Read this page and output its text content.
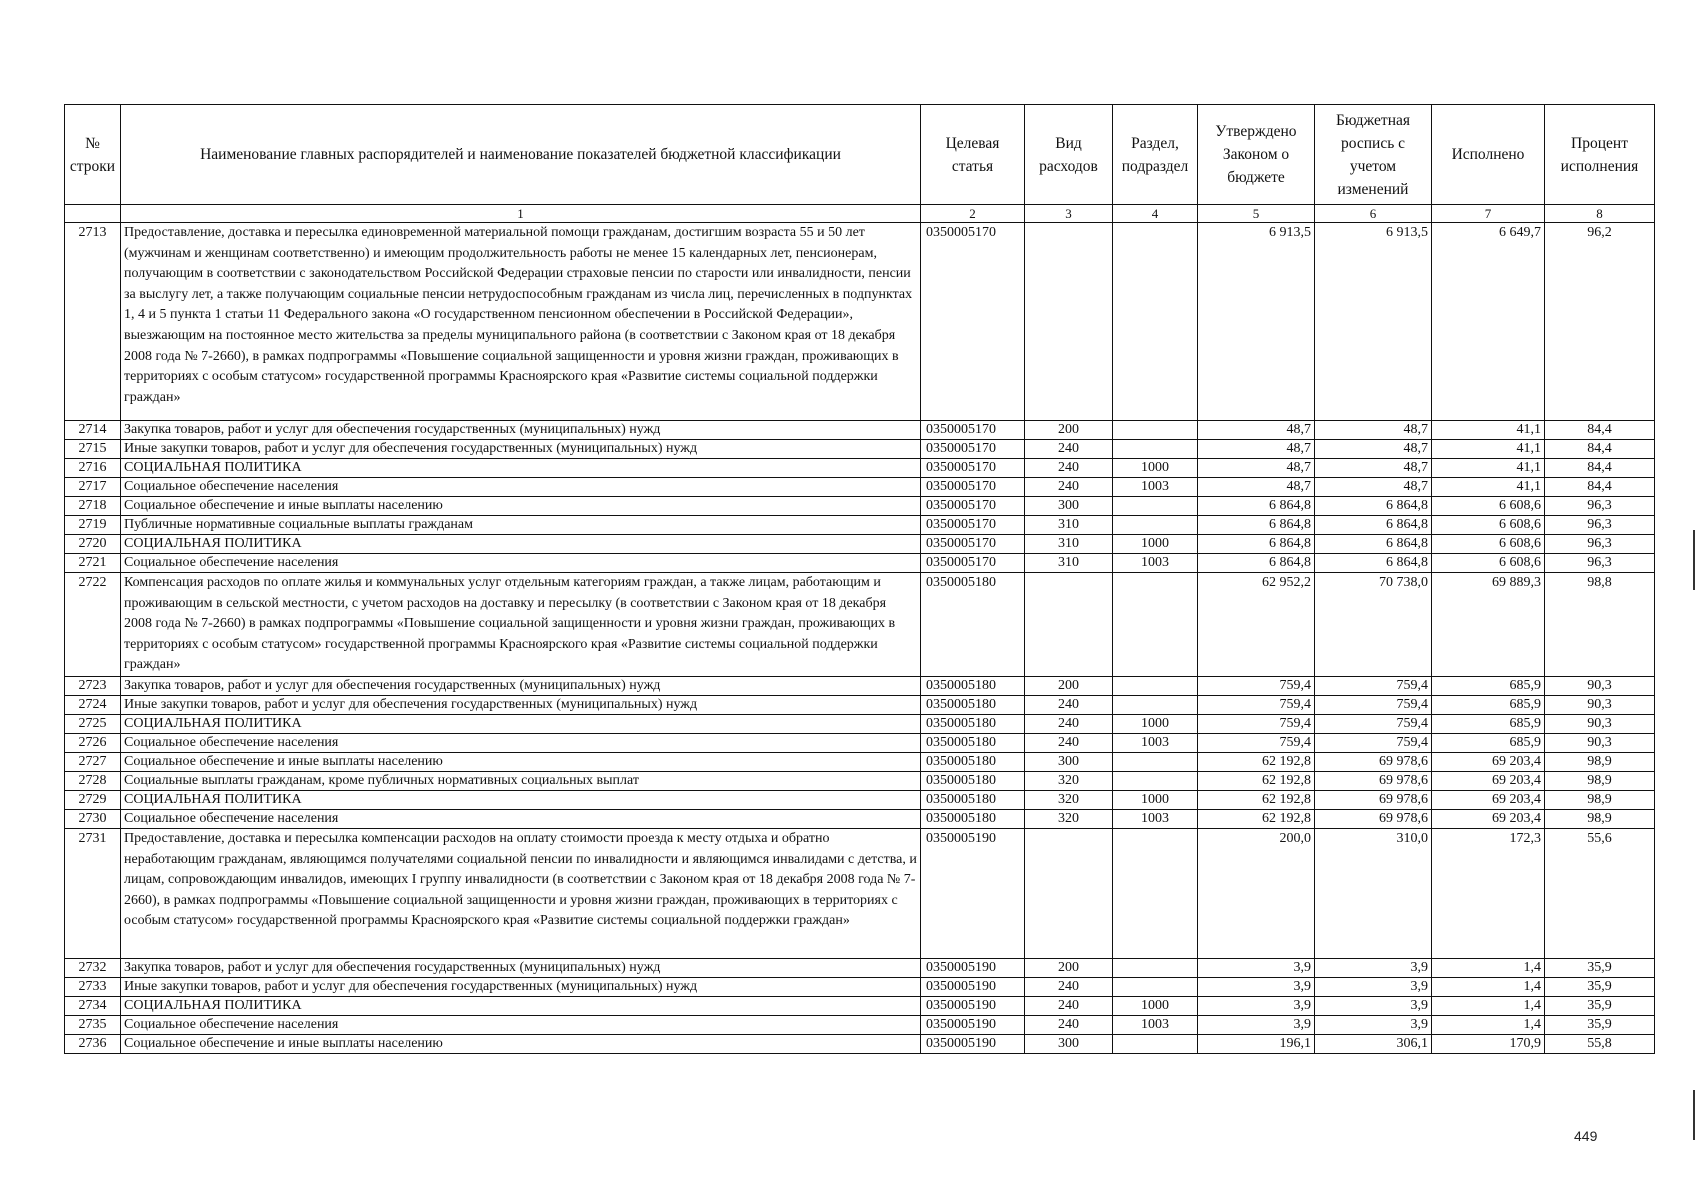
№ строки	Наименование главных распорядителей и наименование показателей бюджетной классификации	Целевая статья	Вид расходов	Раздел, подраздел	Утверждено Законом о бюджете	Бюджетная роспись с учетом изменений	Исполнено	Процент исполнения
	1	2	3	4	5	6	7	8
2713	Предоставление, доставка и пересылка единовременной материальной помощи гражданам, достигшим возраста 55 и 50 лет (мужчинам и женщинам соответственно) и имеющим продолжительность работы не менее 15 календарных лет, пенсионерам, получающим в соответствии с законодательством Российской Федерации страховые пенсии по старости или инвалидности, пенсии за выслугу лет, а также получающим социальные пенсии нетрудоспособным гражданам из числа лиц, перечисленных в подпунктах 1, 4 и 5 пункта 1 статьи 11 Федерального закона «О государственном пенсионном обеспечении в Российской Федерации», выезжающим на постоянное место жительства за пределы муниципального района (в соответствии с Законом края от 18 декабря 2008 года № 7-2660), в рамках подпрограммы «Повышение социальной защищенности и уровня жизни граждан, проживающих в территориях с особым статусом» государственной программы Красноярского края «Развитие системы социальной поддержки граждан»	0350005170			6 913,5	6 913,5	6 649,7	96,2
2714	Закупка товаров, работ и услуг для обеспечения государственных (муниципальных) нужд	0350005170	200		48,7	48,7	41,1	84,4
2715	Иные закупки товаров, работ и услуг для обеспечения государственных (муниципальных) нужд	0350005170	240		48,7	48,7	41,1	84,4
2716	СОЦИАЛЬНАЯ ПОЛИТИКА	0350005170	240	1000	48,7	48,7	41,1	84,4
2717	Социальное обеспечение населения	0350005170	240	1003	48,7	48,7	41,1	84,4
2718	Социальное обеспечение и иные выплаты населению	0350005170	300		6 864,8	6 864,8	6 608,6	96,3
2719	Публичные нормативные социальные выплаты гражданам	0350005170	310		6 864,8	6 864,8	6 608,6	96,3
2720	СОЦИАЛЬНАЯ ПОЛИТИКА	0350005170	310	1000	6 864,8	6 864,8	6 608,6	96,3
2721	Социальное обеспечение населения	0350005170	310	1003	6 864,8	6 864,8	6 608,6	96,3
2722	Компенсация расходов по оплате жилья и коммунальных услуг отдельным категориям граждан, а также лицам, работающим и проживающим в сельской местности, с учетом расходов на доставку и пересылку (в соответствии с Законом края от 18 декабря 2008 года № 7-2660) в рамках подпрограммы «Повышение социальной защищенности и уровня жизни граждан, проживающих в территориях с особым статусом» государственной программы Красноярского края «Развитие системы социальной поддержки граждан»	0350005180			62 952,2	70 738,0	69 889,3	98,8
2723	Закупка товаров, работ и услуг для обеспечения государственных (муниципальных) нужд	0350005180	200		759,4	759,4	685,9	90,3
2724	Иные закупки товаров, работ и услуг для обеспечения государственных (муниципальных) нужд	0350005180	240		759,4	759,4	685,9	90,3
2725	СОЦИАЛЬНАЯ ПОЛИТИКА	0350005180	240	1000	759,4	759,4	685,9	90,3
2726	Социальное обеспечение населения	0350005180	240	1003	759,4	759,4	685,9	90,3
2727	Социальное обеспечение и иные выплаты населению	0350005180	300		62 192,8	69 978,6	69 203,4	98,9
2728	Социальные выплаты гражданам, кроме публичных нормативных социальных выплат	0350005180	320		62 192,8	69 978,6	69 203,4	98,9
2729	СОЦИАЛЬНАЯ ПОЛИТИКА	0350005180	320	1000	62 192,8	69 978,6	69 203,4	98,9
2730	Социальное обеспечение населения	0350005180	320	1003	62 192,8	69 978,6	69 203,4	98,9
2731	Предоставление, доставка и пересылка компенсации расходов на оплату стоимости проезда к месту отдыха и обратно неработающим гражданам, являющимся получателями социальной пенсии по инвалидности и являющимся инвалидами с детства, и лицам, сопровождающим инвалидов, имеющих I группу инвалидности (в соответствии с Законом края от 18 декабря 2008 года № 7-2660), в рамках подпрограммы «Повышение социальной защищенности и уровня жизни граждан, проживающих в территориях с особым статусом» государственной программы Красноярского края «Развитие системы социальной поддержки граждан»	0350005190			200,0	310,0	172,3	55,6
2732	Закупка товаров, работ и услуг для обеспечения государственных (муниципальных) нужд	0350005190	200		3,9	3,9	1,4	35,9
2733	Иные закупки товаров, работ и услуг для обеспечения государственных (муниципальных) нужд	0350005190	240		3,9	3,9	1,4	35,9
2734	СОЦИАЛЬНАЯ ПОЛИТИКА	0350005190	240	1000	3,9	3,9	1,4	35,9
2735	Социальное обеспечение населения	0350005190	240	1003	3,9	3,9	1,4	35,9
2736	Социальное обеспечение и иные выплаты населению	0350005190	300		196,1	306,1	170,9	55,8
449
